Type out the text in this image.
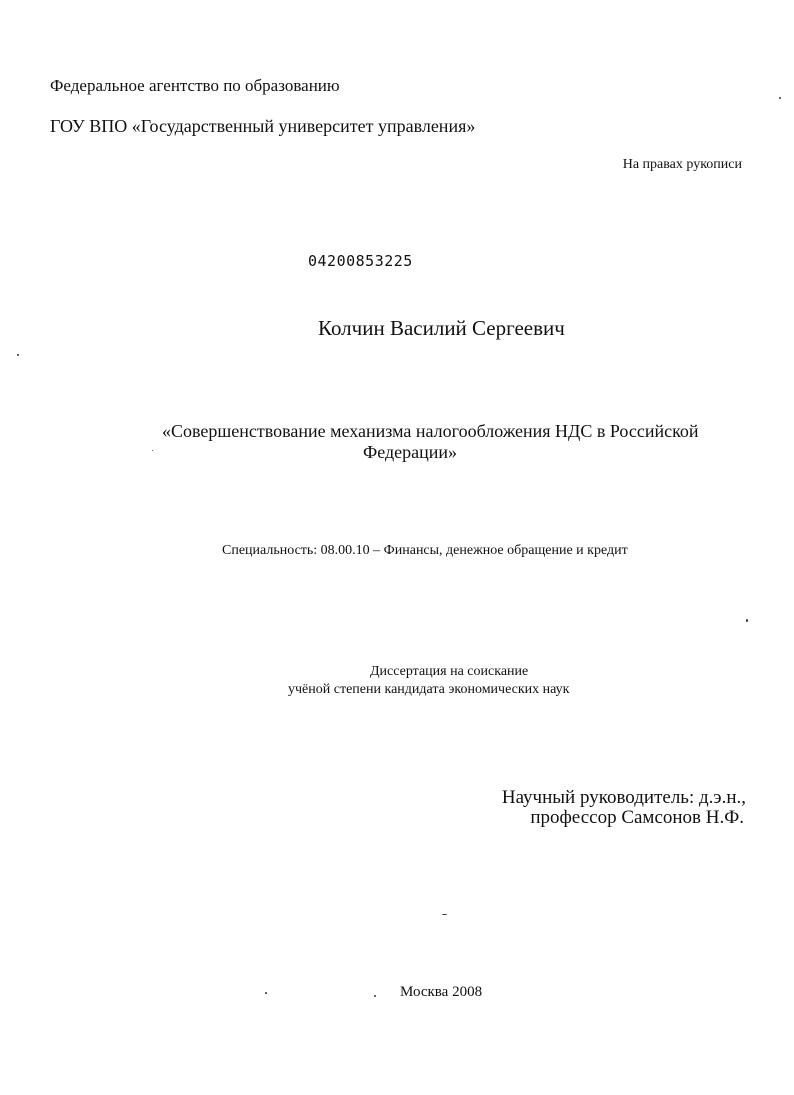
Федеральное агентство по образованию
ГОУ ВПО «Государственный университет управления»
На правах рукописи
04200853225
Колчин Василий Сергеевич
«Совершенствование механизма налогообложения НДС в Российской
Федерации»
Специальность: 08.00.10 – Финансы, денежное обращение и кредит
Диссертация на соискание
учёной степени кандидата экономических наук
Научный руководитель: д.э.н.,
профессор Самсонов Н.Ф.
Москва 2008
